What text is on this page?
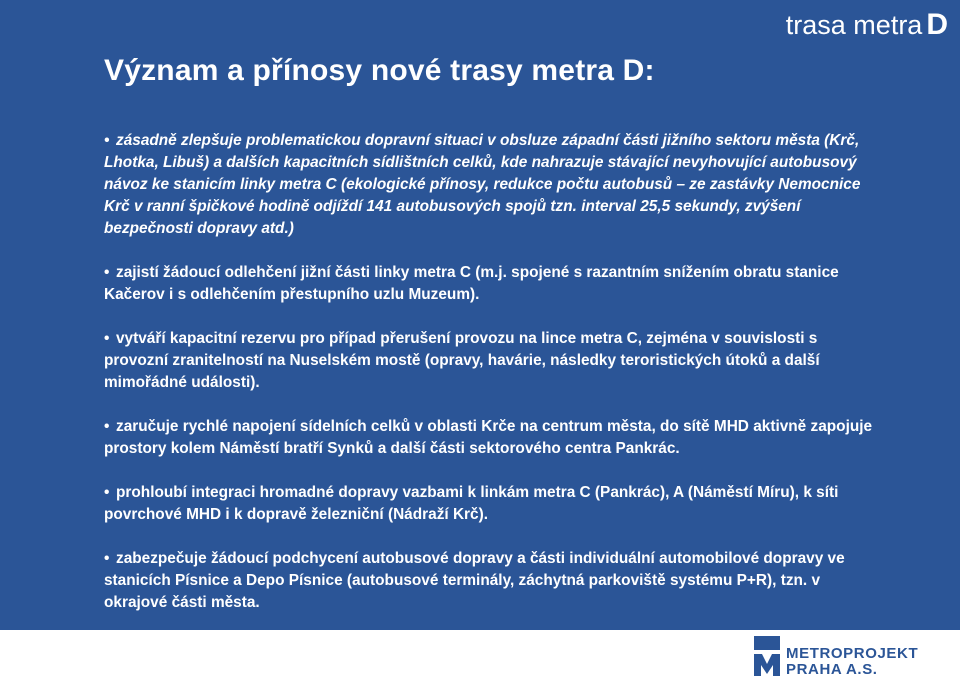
trasa metra D
Význam a přínosy nové trasy metra D:
• zásadně zlepšuje problematickou dopravní situaci v obsluze západní části jižního sektoru města (Krč, Lhotka, Libuš) a dalších kapacitních sídlištních celků, kde nahrazuje stávající nevyhovující autobusový návoz ke stanicím linky metra C (ekologické přínosy, redukce počtu autobusů – ze zastávky Nemocnice Krč v ranní špičkové hodině odjíždí 141 autobusových spojů tzn. interval 25,5 sekundy, zvýšení bezpečnosti dopravy atd.)
• zajistí žádoucí odlehčení jižní části linky metra C (m.j. spojené s razantním snížením obratu stanice Kačerov i s odlehčením přestupního uzlu Muzeum).
• vytváří kapacitní rezervu pro případ přerušení provozu na lince metra C, zejména v souvislosti s provozní zranitelností na Nuselském mostě (opravy, havárie, následky teroristických útoků a další mimořádné události).
• zaručuje rychlé napojení sídelních celků v oblasti Krče na centrum města, do sítě MHD aktivně zapojuje prostory kolem Náměstí bratří Synků a další části sektorového centra Pankrác.
• prohloubí integraci hromadné dopravy vazbami k linkám metra C (Pankrác), A (Náměstí Míru), k síti povrchové MHD i k dopravě železniční (Nádraží Krč).
• zabezpečuje žádoucí podchycení autobusové dopravy a části individuální automobilové dopravy ve stanicích Písnice a Depo Písnice (autobusové terminály, záchytná parkoviště systému P+R), tzn. v okrajové části města.
METROPROJEKT
PRAHA A.S.
